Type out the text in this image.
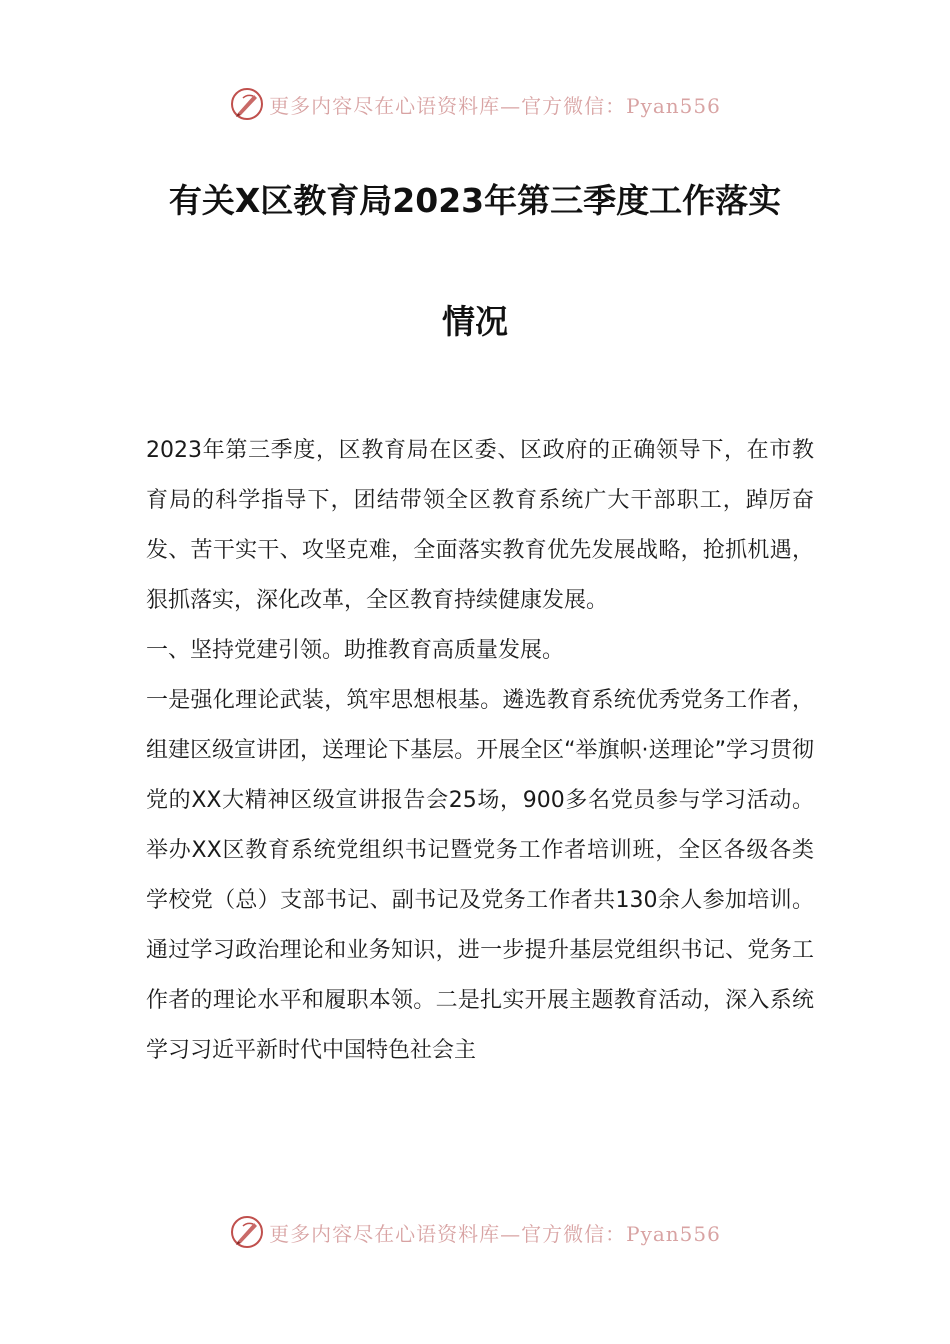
更多内容尽在心语资料库—官方微信：Pyan556
有关X区教育局2023年第三季度工作落实
情况

2023年第三季度，区教育局在区委、区政府的正确领导下，在市教育局的科学指导下，团结带领全区教育系统广大干部职工，踔厉奋发、苦干实干、攻坚克难，全面落实教育优先发展战略，抢抓机遇，狠抓落实，深化改革，全区教育持续健康发展。

一、坚持党建引领。助推教育高质量发展。

一是强化理论武装，筑牢思想根基。遴选教育系统优秀党务工作者，组建区级宣讲团，送理论下基层。开展全区“举旗帜·送理论”学习贯彻党的XX大精神区级宣讲报告会25场，900多名党员参与学习活动。举办XX区教育系统党组织书记暨党务工作者培训班，全区各级各类学校党（总）支部书记、副书记及党务工作者共130余人参加培训。通过学习政治理论和业务知识，进一步提升基层党组织书记、党务工作者的理论水平和履职本领。二是扎实开展主题教育活动，深入系统学习习近平新时代中国特色社会主

更多内容尽在心语资料库—官方微信：Pyan556
